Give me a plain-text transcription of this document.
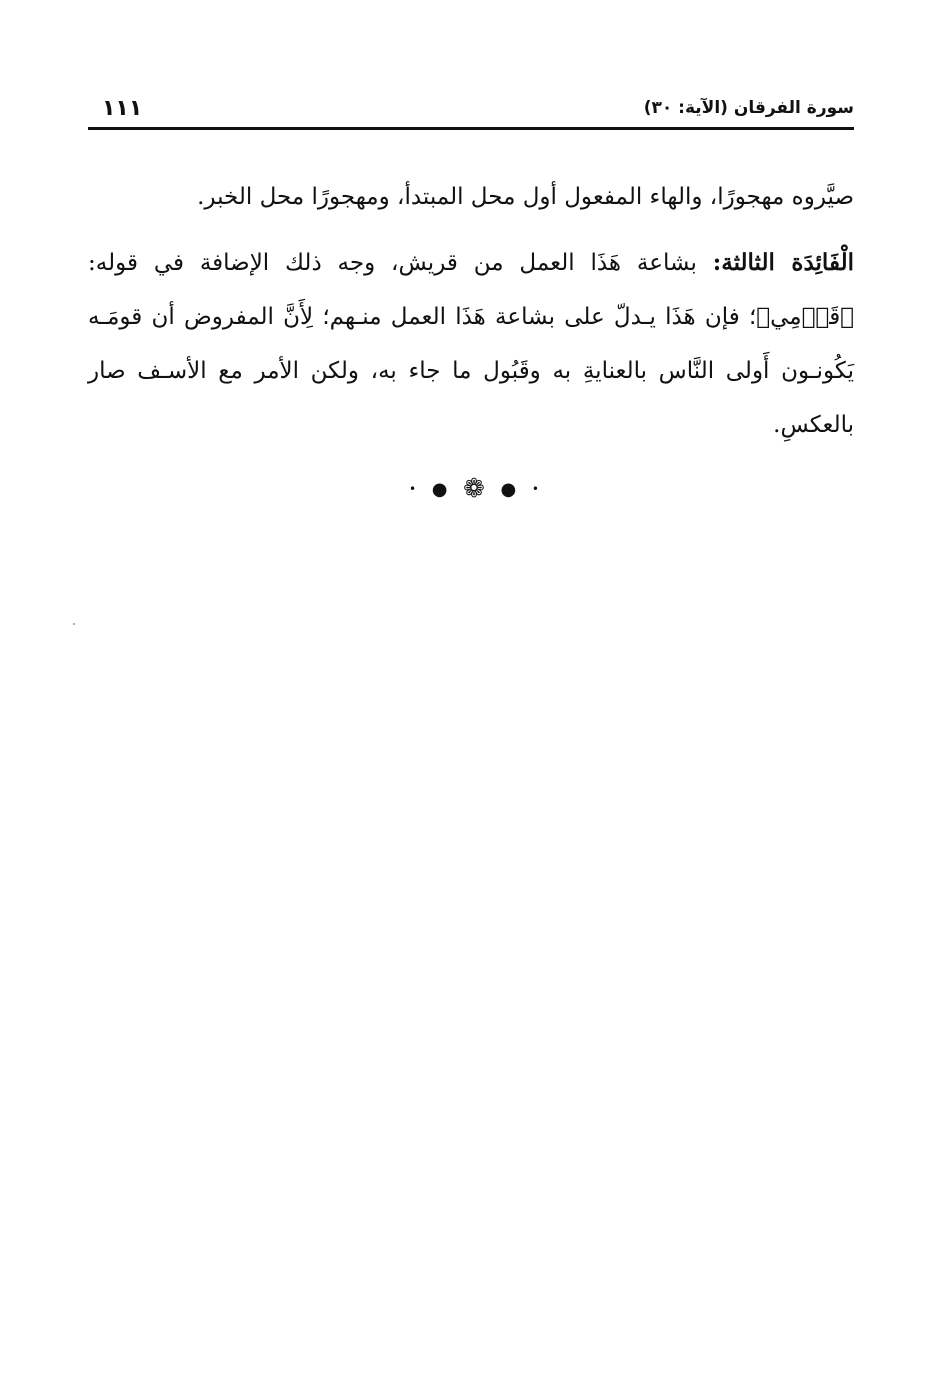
سورة الفرقان (الآية: ٣٠)
١١١
صيَّروه مهجورًا، والهاء المفعول أول محل المبتدأ، ومهجورًا محل الخبر.
الْفَائِدَة الثالثة: بشاعة هَذَا العمل من قريش، وجه ذلك الإضافة في قوله:
﴿قَوۡمِي﴾؛ فإن هَذَا يـدلّ على بشاعة هَذَا العمل منـهم؛ لِأَنَّ المفروض أن قومَـه
يَكُونـون أَولى النَّاس بالعنايةِ به وقَبُول ما جاء به، ولكن الأمر مع الأسـف صار
بالعكسِ.
• ● ❁ ● •
